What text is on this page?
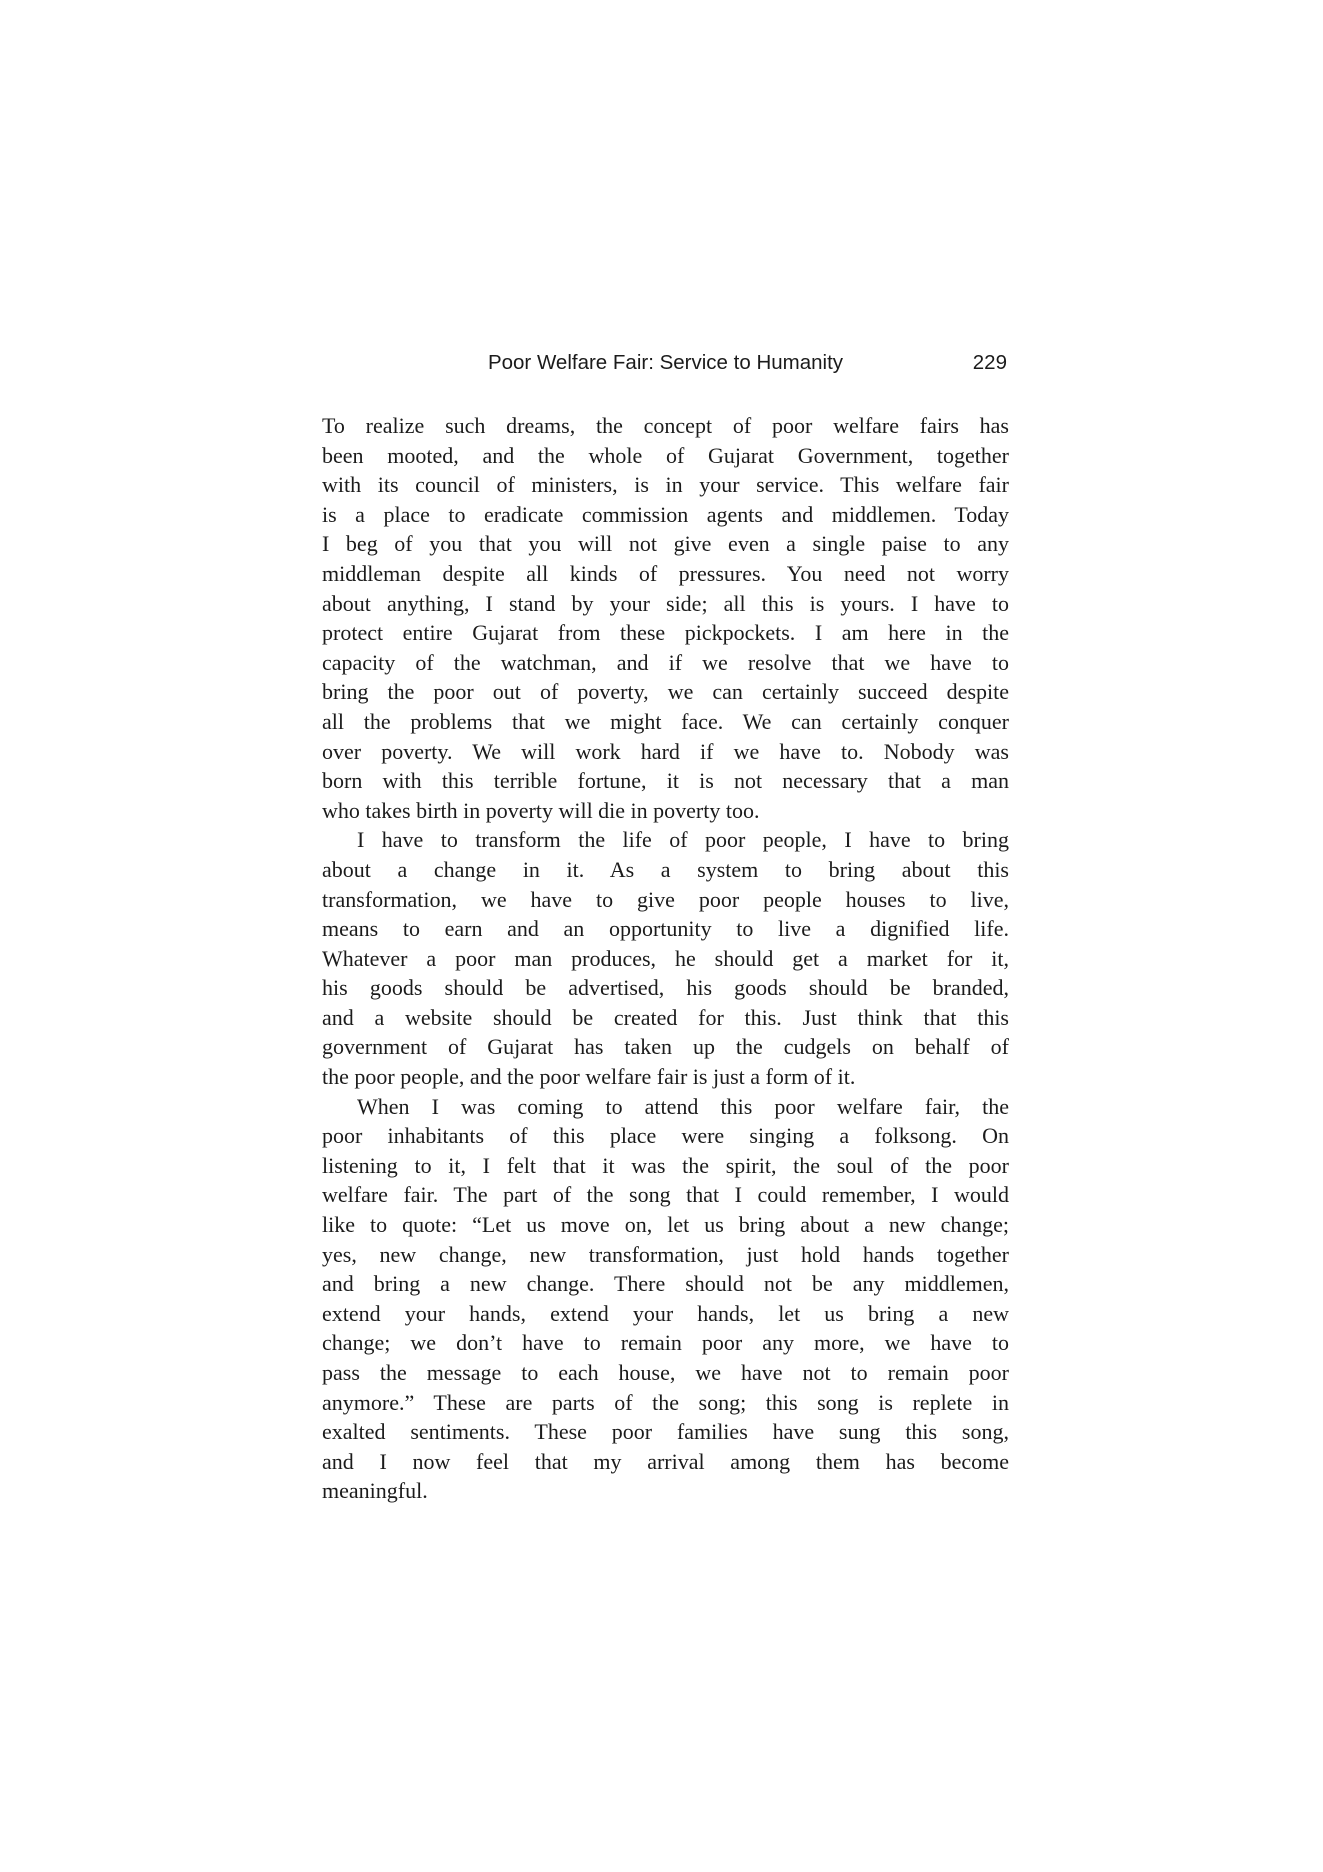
Poor Welfare Fair: Service to Humanity	229
To realize such dreams, the concept of poor welfare fairs has
been mooted, and the whole of Gujarat Government, together
with its council of ministers, is in your service. This welfare fair
is a place to eradicate commission agents and middlemen. Today
I beg of you that you will not give even a single paise to any
middleman despite all kinds of pressures. You need not worry
about anything, I stand by your side; all this is yours. I have to
protect entire Gujarat from these pickpockets. I am here in the
capacity of the watchman, and if we resolve that we have to
bring the poor out of poverty, we can certainly succeed despite
all the problems that we might face. We can certainly conquer
over poverty. We will work hard if we have to. Nobody was
born with this terrible fortune, it is not necessary that a man
who takes birth in poverty will die in poverty too.
I have to transform the life of poor people, I have to bring
about a change in it. As a system to bring about this
transformation, we have to give poor people houses to live,
means to earn and an opportunity to live a dignified life.
Whatever a poor man produces, he should get a market for it,
his goods should be advertised, his goods should be branded,
and a website should be created for this. Just think that this
government of Gujarat has taken up the cudgels on behalf of
the poor people, and the poor welfare fair is just a form of it.
When I was coming to attend this poor welfare fair, the
poor inhabitants of this place were singing a folksong. On
listening to it, I felt that it was the spirit, the soul of the poor
welfare fair. The part of the song that I could remember, I would
like to quote: “Let us move on, let us bring about a new change;
yes, new change, new transformation, just hold hands together
and bring a new change. There should not be any middlemen,
extend your hands, extend your hands, let us bring a new
change; we don’t have to remain poor any more, we have to
pass the message to each house, we have not to remain poor
anymore.” These are parts of the song; this song is replete in
exalted sentiments. These poor families have sung this song,
and I now feel that my arrival among them has become
meaningful.
